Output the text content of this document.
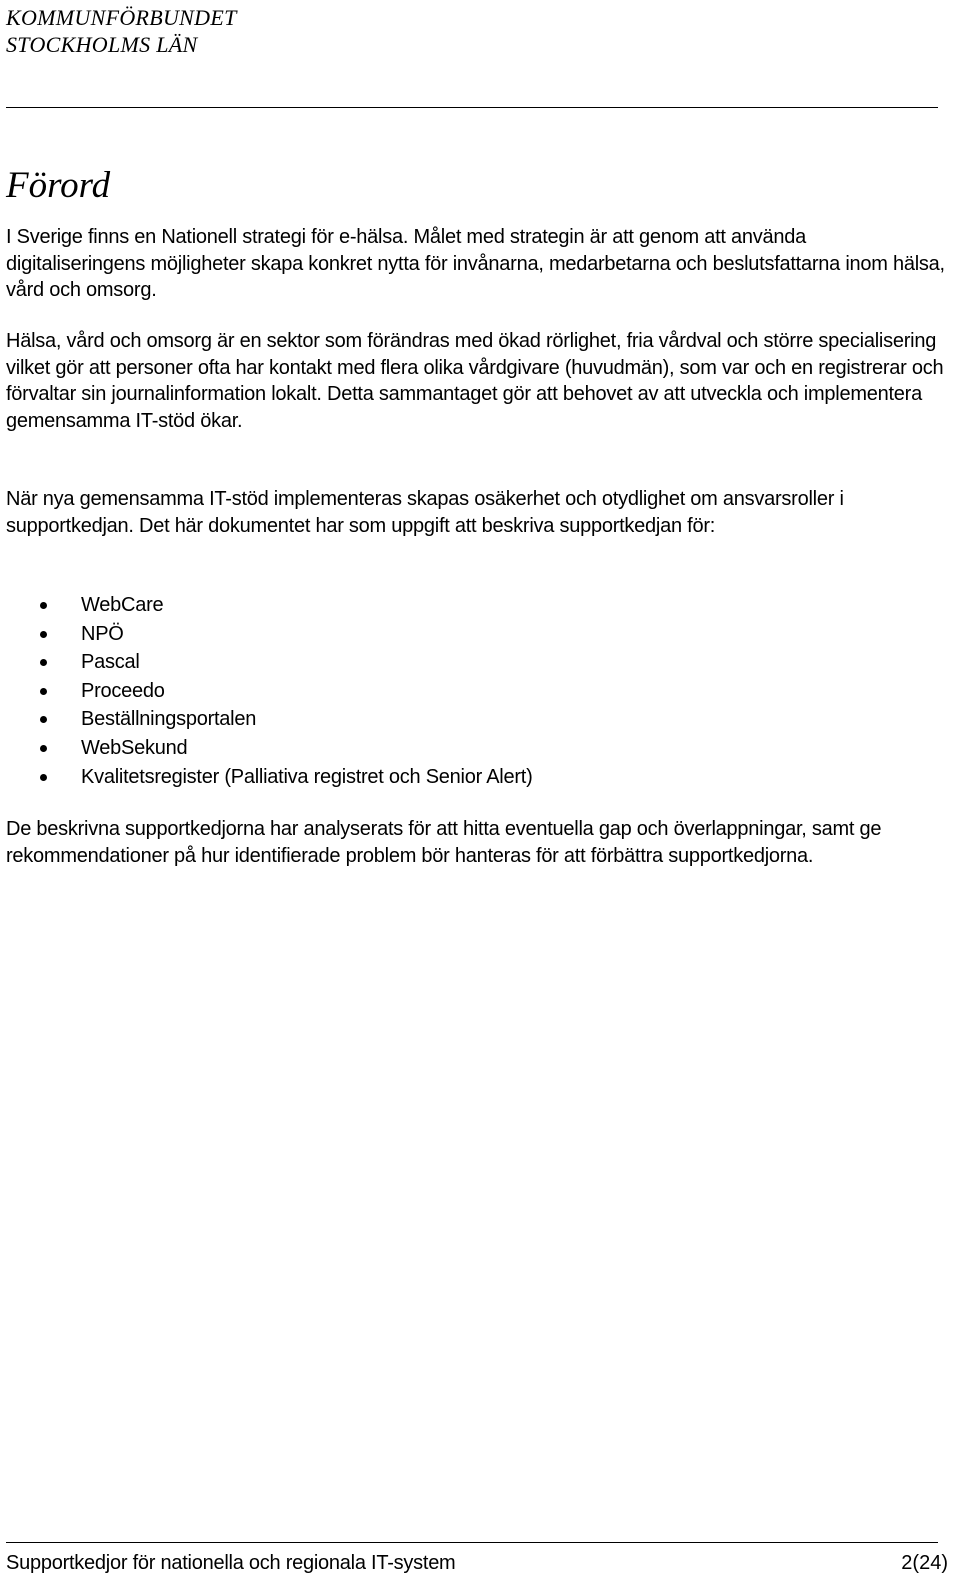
KOMMUNFÖRBUNDET
STOCKHOLMS LÄN
Förord

I Sverige finns en Nationell strategi för e-hälsa. Målet med strategin är att genom att använda digitaliseringens möjligheter skapa konkret nytta för invånarna, medarbetarna och beslutsfattarna inom hälsa, vård och omsorg.

Hälsa, vård och omsorg är en sektor som förändras med ökad rörlighet, fria vårdval och större specialisering vilket gör att personer ofta har kontakt med flera olika vårdgivare (huvudmän), som var och en registrerar och förvaltar sin journalinformation lokalt. Detta sammantaget gör att behovet av att utveckla och implementera gemensamma IT-stöd ökar.

När nya gemensamma IT-stöd implementeras skapas osäkerhet och otydlighet om ansvarsroller i supportkedjan. Det här dokumentet har som uppgift att beskriva supportkedjan för:

WebCare
NPÖ
Pascal
Proceedo
Beställningsportalen
WebSekund
Kvalitetsregister (Palliativa registret och Senior Alert)

De beskrivna supportkedjorna har analyserats för att hitta eventuella gap och överlappningar, samt ge rekommendationer på hur identifierade problem bör hanteras för att förbättra supportkedjorna.

Supportkedjor för nationella och regionala IT-system	2(24)
